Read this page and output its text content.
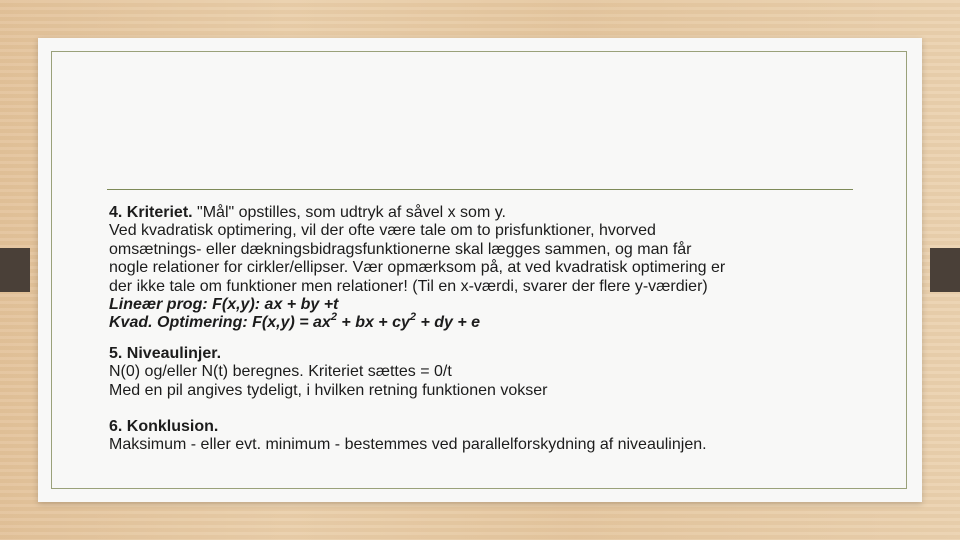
4. Kriteriet. "Mål" opstilles, som udtryk af såvel x som y.

Ved kvadratisk optimering, vil der ofte være tale om to prisfunktioner, hvorved

omsætnings- eller dækningsbidragsfunktionerne skal lægges sammen, og man får

nogle relationer for cirkler/ellipser. Vær opmærksom på, at ved kvadratisk optimering er

der ikke tale om funktioner men relationer! (Til en x-værdi, svarer der flere y-værdier)

Lineær prog: F(x,y): ax + by +t

Kvad. Optimering: $F(x,y) = ax^2$ + bx + $cy^2$ + dy + e

5. Niveaulinjer.

N(0) og/eller N(t) beregnes. Kriteriet sættes = 0/t

Med en pil angives tydeligt, i hvilken retning funktionen vokser

6. Konklusion.

Maksimum - eller evt. minimum - bestemmes ved parallelforskydning af niveaulinjen.
